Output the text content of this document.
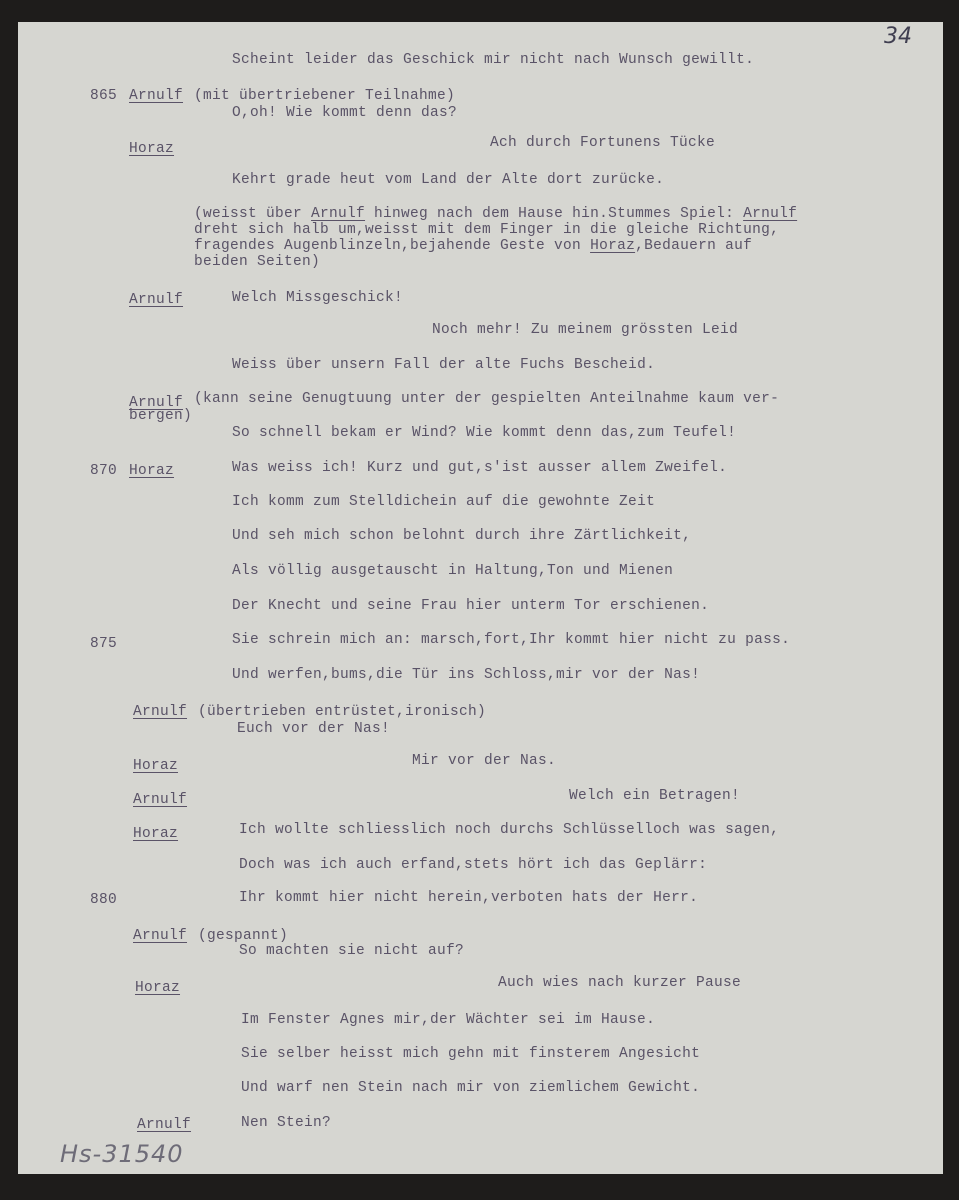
34
Scheint leider das Geschick mir nicht nach Wunsch gewillt.
865 Arnulf (mit übertriebener Teilnahme)
O,oh! Wie kommt denn das?
Horaz	Ach durch Fortunens Tücke
Kehrt grade heut vom Land der Alte dort zurücke.
(weisst über Arnulf hinweg nach dem Hause hin.Stummes Spiel: Arnulf
dreht sich halb um,weisst mit dem Finger in die gleiche Richtung,
fragendes Augenblinzeln,bejahende Geste von Horaz,Bedauern auf
beiden Seiten)
Arnulf	Welch Missgeschick!
Noch mehr! Zu meinem grössten Leid
Weiss über unsern Fall der alte Fuchs Bescheid.
Arnulf (kann seine Genugtuung unter der gespielten Anteilnahme kaum ver-
bergen)
So schnell bekam er Wind? Wie kommt denn das,zum Teufel!
870 Horaz	Was weiss ich! Kurz und gut,s'ist ausser allem Zweifel.
Ich komm zum Stelldichein auf die gewohnte Zeit
Und seh mich schon belohnt durch ihre Zärtlichkeit,
Als völlig ausgetauscht in Haltung,Ton und Mienen
Der Knecht und seine Frau hier unterm Tor erschienen.
875	Sie schrein mich an: marsch,fort,Ihr kommt hier nicht zu pass.
Und werfen,bums,die Tür ins Schloss,mir vor der Nas!
Arnulf (übertrieben entrüstet,ironisch)
Euch vor der Nas!
Horaz	Mir vor der Nas.
Arnulf	Welch ein Betragen!
Horaz	Ich wollte schliesslich noch durchs Schlüsselloch was sagen,
Doch was ich auch erfand,stets hört ich das Geplärr:
880	Ihr kommt hier nicht herein,verboten hats der Herr.
Arnulf (gespannt)
So machten sie nicht auf?
Horaz	Auch wies nach kurzer Pause
Im Fenster Agnes mir,der Wächter sei im Hause.
Sie selber heisst mich gehn mit finsterem Angesicht
Und warf nen Stein nach mir von ziemlichem Gewicht.
Arnulf	Nen Stein?
Hs-31540
